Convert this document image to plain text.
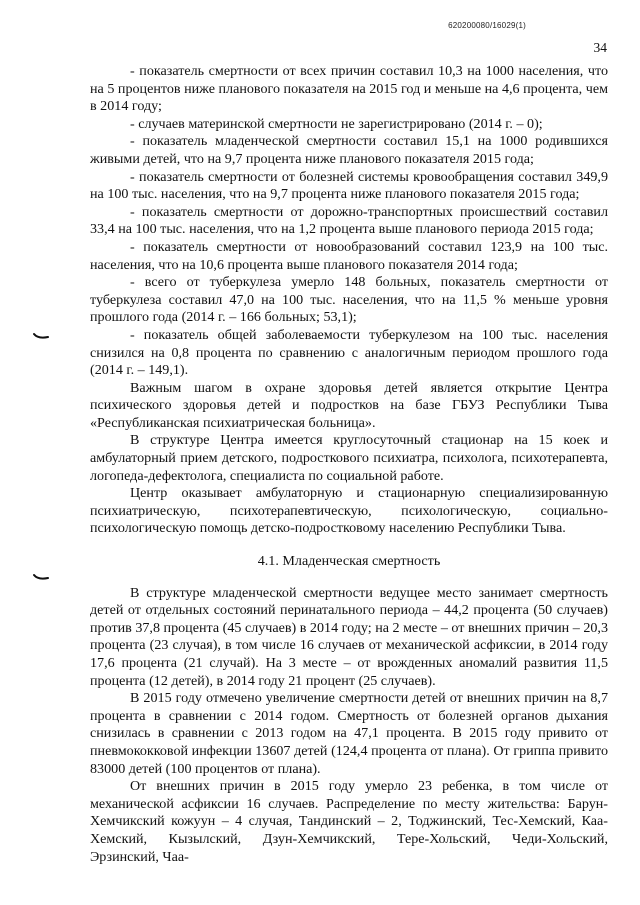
620200080/16029(1)
34

- показатель смертности от всех причин составил 10,3 на 1000 населения, что на 5 процентов ниже планового показателя на 2015 год и меньше на 4,6 процента, чем в 2014 году;

- случаев материнской смертности не зарегистрировано (2014 г. – 0);

- показатель младенческой смертности составил 15,1 на 1000 родившихся живыми детей, что на 9,7 процента ниже планового показателя 2015 года;

- показатель смертности от болезней системы кровообращения составил 349,9 на 100 тыс. населения, что на 9,7 процента ниже планового показателя 2015 года;

- показатель смертности от дорожно-транспортных происшествий составил 33,4 на 100 тыс. населения, что на 1,2 процента выше планового периода 2015 года;

- показатель смертности от новообразований составил 123,9 на 100 тыс. населения, что на 10,6 процента выше планового показателя 2014 года;

- всего от туберкулеза умерло 148 больных, показатель смертности от туберкулеза составил 47,0 на 100 тыс. населения, что на 11,5 % меньше уровня прошлого года (2014 г. – 166 больных; 53,1);

- показатель общей заболеваемости туберкулезом на 100 тыс. населения снизился на 0,8 процента по сравнению с аналогичным периодом прошлого года (2014 г. – 149,1).

Важным шагом в охране здоровья детей является открытие Центра психического здоровья детей и подростков на базе ГБУЗ Республики Тыва «Республиканская психиатрическая больница».

В структуре Центра имеется круглосуточный стационар на 15 коек и амбулаторный прием детского, подросткового психиатра, психолога, психотерапевта, логопеда-дефектолога, специалиста по социальной работе.

Центр оказывает амбулаторную и стационарную специализированную психиатрическую, психотерапевтическую, психологическую, социально-психологическую помощь детско-подростковому населению Республики Тыва.

4.1. Младенческая смертность

В структуре младенческой смертности ведущее место занимает смертность детей от отдельных состояний перинатального периода – 44,2 процента (50 случаев) против 37,8 процента (45 случаев) в 2014 году; на 2 месте – от внешних причин – 20,3 процента (23 случая), в том числе 16 случаев от механической асфиксии, в 2014 году 17,6 процента (21 случай). На 3 месте – от врожденных аномалий развития 11,5 процента (12 детей), в 2014 году 21 процент (25 случаев).

В 2015 году отмечено увеличение смертности детей от внешних причин на 8,7 процента в сравнении с 2014 годом. Смертность от болезней органов дыхания снизилась в сравнении с 2013 годом на 47,1 процента. В 2015 году привито от пневмококковой инфекции 13607 детей (124,4 процента от плана). От гриппа привито 83000 детей (100 процентов от плана).

От внешних причин в 2015 году умерло 23 ребенка, в том числе от механической асфиксии 16 случаев. Распределение по месту жительства: Барун-Хемчикский кожуун – 4 случая, Тандинский – 2, Тоджинский, Тес-Хемский, Каа-Хемский, Кызылский, Дзун-Хемчикский, Тере-Хольский, Чеди-Хольский, Эрзинский, Чаа-
